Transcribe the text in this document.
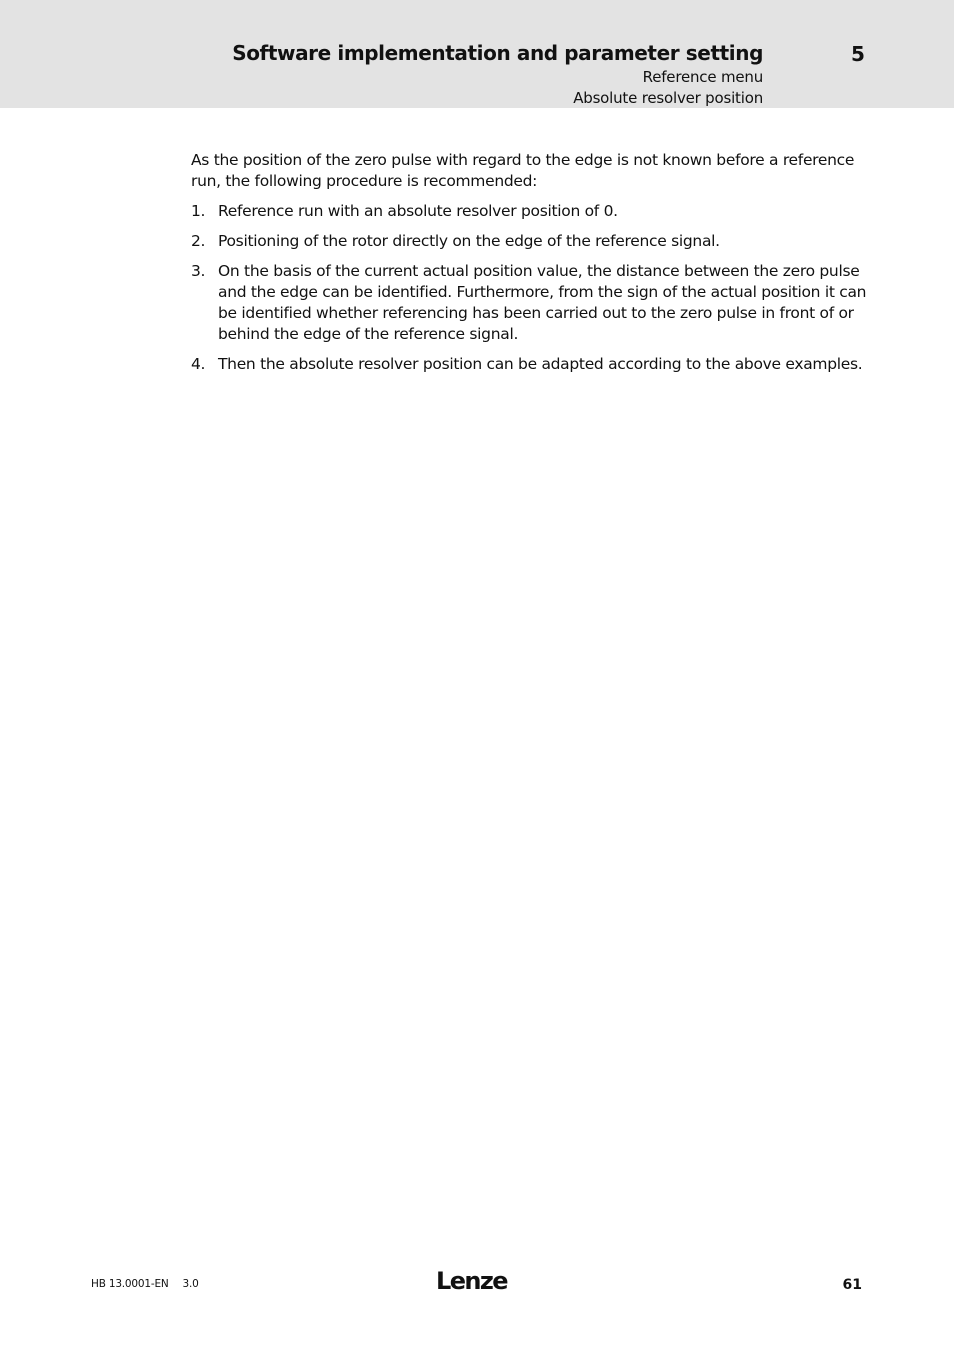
Software implementation and parameter setting	5
Reference menu
Absolute resolver position

As the position of the zero pulse with regard to the edge is not known before a reference run, the following procedure is recommended:

1. Reference run with an absolute resolver position of 0.
2. Positioning of the rotor directly on the edge of the reference signal.
3. On the basis of the current actual position value, the distance between the zero pulse and the edge can be identified. Furthermore, from the sign of the actual position it can be identified whether referencing has been carried out to the zero pulse in front of or behind the edge of the reference signal.
4. Then the absolute resolver position can be adapted according to the above examples.
HB 13.0001-EN 3.0	Lenze	61
